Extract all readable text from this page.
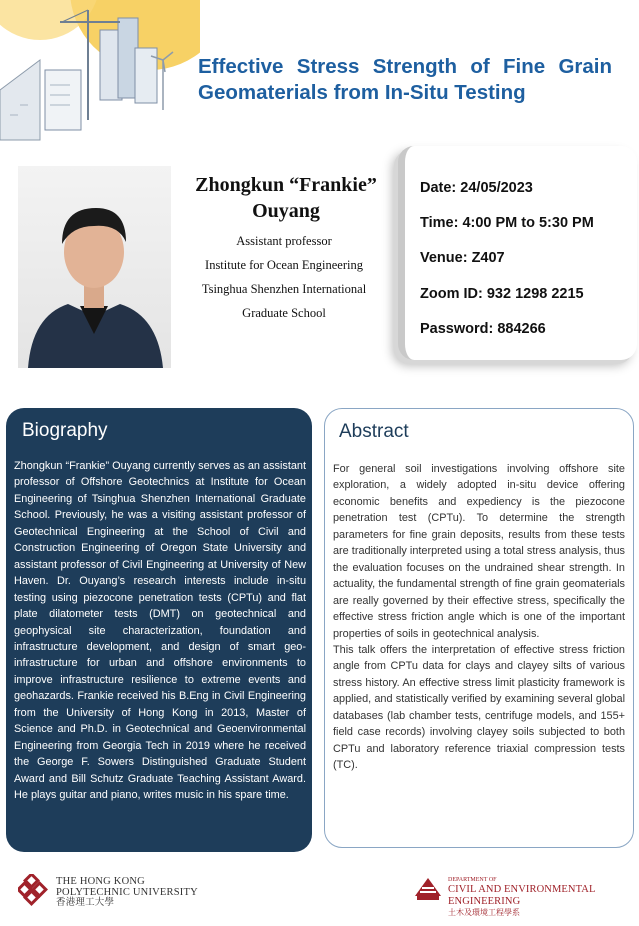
Effective Stress Strength of Fine Grain Geomaterials from In-Situ Testing
Zhongkun “Frankie” Ouyang
Assistant professor
Institute for Ocean Engineering
Tsinghua Shenzhen International
Graduate School
Date: 24/05/2023
Time: 4:00 PM to 5:30 PM
Venue: Z407
Zoom ID: 932 1298 2215
Password: 884266
Biography
Zhongkun “Frankie” Ouyang currently serves as an assistant professor of Offshore Geotechnics at Institute for Ocean Engineering of Tsinghua Shenzhen International Graduate School. Previously, he was a visiting assistant professor of Geotechnical Engineering at the School of Civil and Construction Engineering of Oregon State University and assistant professor of Civil Engineering at University of New Haven. Dr. Ouyang’s research interests include in-situ testing using piezocone penetration tests (CPTu) and flat plate dilatometer tests (DMT) on geotechnical and geophysical site characterization, foundation and infrastructure development, and design of smart geo-infrastructure for urban and offshore environments to improve infrastructure resilience to extreme events and geohazards. Frankie received his B.Eng in Civil Engineering from the University of Hong Kong in 2013, Master of Science and Ph.D. in Geotechnical and Geoenvironmental Engineering from Georgia Tech in 2019 where he received the George F. Sowers Distinguished Graduate Student Award and Bill Schutz Graduate Teaching Assistant Award. He plays guitar and piano, writes music in his spare time.
Abstract

For general soil investigations involving offshore site exploration, a widely adopted in-situ device offering economic benefits and expediency is the piezocone penetration test (CPTu). To determine the strength parameters for fine grain deposits, results from these tests are traditionally interpreted using a total stress analysis, thus the evaluation focuses on the undrained shear strength. In actuality, the fundamental strength of fine grain geomaterials are really governed by their effective stress, specifically the effective stress friction angle which is one of the important properties of soils in geotechnical analysis.

This talk offers the interpretation of effective stress friction angle from CPTu data for clays and clayey silts of various stress history. An effective stress limit plasticity framework is applied, and statistically verified by examining several global databases (lab chamber tests, centrifuge models, and 155+ field case records) involving clayey soils subjected to both CPTu and laboratory reference triaxial compression tests (TC).

THE HONG KONG
POLYTECHNIC UNIVERSITY
香港理工大學
DEPARTMENT OF
CIVIL AND ENVIRONMENTAL ENGINEERING
土木及環境工程學系
